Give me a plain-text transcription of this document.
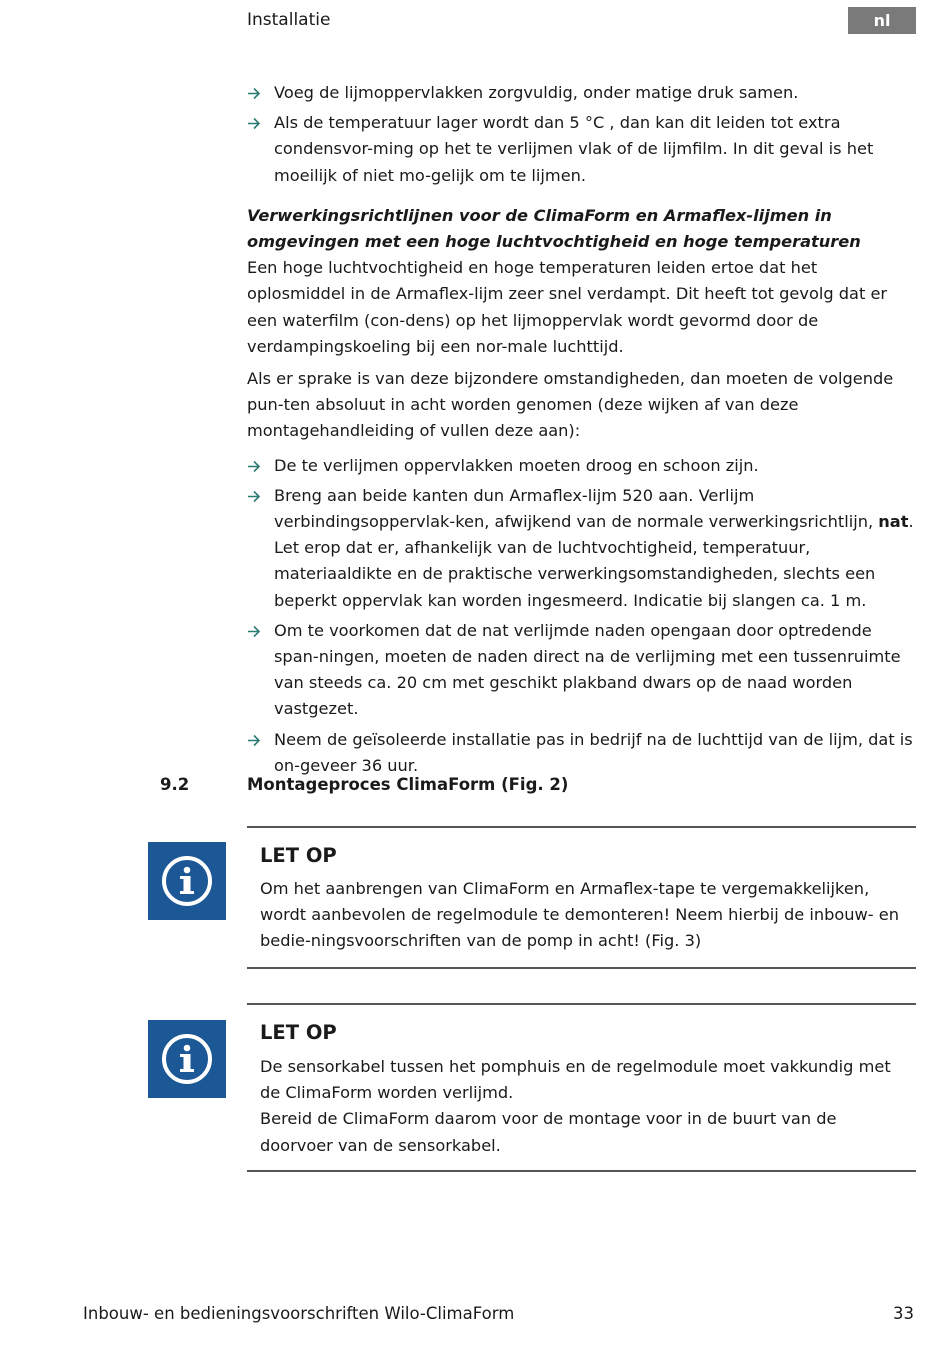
Installatie	nl
Voeg de lijmoppervlakken zorgvuldig, onder matige druk samen.
Als de temperatuur lager wordt dan 5 °C , dan kan dit leiden tot extra condensvor-ming op het te verlijmen vlak of de lijmfilm. In dit geval is het moeilijk of niet mo-gelijk om te lijmen.
Verwerkingsrichtlijnen voor de ClimaForm en Armaflex-lijmen in omgevingen met een hoge luchtvochtigheid en hoge temperaturen

Een hoge luchtvochtigheid en hoge temperaturen leiden ertoe dat het oplosmiddel in de Armaflex-lijm zeer snel verdampt. Dit heeft tot gevolg dat er een waterfilm (con-dens) op het lijmoppervlak wordt gevormd door de verdampingskoeling bij een nor-male luchttijd.

Als er sprake is van deze bijzondere omstandigheden, dan moeten de volgende pun-ten absoluut in acht worden genomen (deze wijken af van deze montagehandleiding of vullen deze aan):

De te verlijmen oppervlakken moeten droog en schoon zijn.
Breng aan beide kanten dun Armaflex-lijm 520 aan. Verlijm verbindingsoppervlak-ken, afwijkend van de normale verwerkingsrichtlijn, nat.
Let erop dat er, afhankelijk van de luchtvochtigheid, temperatuur, materiaaldikte en de praktische verwerkingsomstandigheden, slechts een beperkt oppervlak kan worden ingesmeerd. Indicatie bij slangen ca. 1 m.
Om te voorkomen dat de nat verlijmde naden opengaan door optredende span-ningen, moeten de naden direct na de verlijming met een tussenruimte van steeds ca. 20 cm met geschikt plakband dwars op de naad worden vastgezet.
Neem de geïsoleerde installatie pas in bedrijf na de luchttijd van de lijm, dat is on-geveer 36 uur.
9.2	Montageproces ClimaForm (Fig. 2)
LET OP
Om het aanbrengen van ClimaForm en Armaflex-tape te vergemakkelijken, wordt aanbevolen de regelmodule te demonteren! Neem hierbij de inbouw- en bedie-ningsvoorschriften van de pomp in acht! (Fig. 3)
LET OP
De sensorkabel tussen het pomphuis en de regelmodule moet vakkundig met de ClimaForm worden verlijmd.
Bereid de ClimaForm daarom voor de montage voor in de buurt van de doorvoer van de sensorkabel.
Inbouw- en bedieningsvoorschriften Wilo-ClimaForm	33
